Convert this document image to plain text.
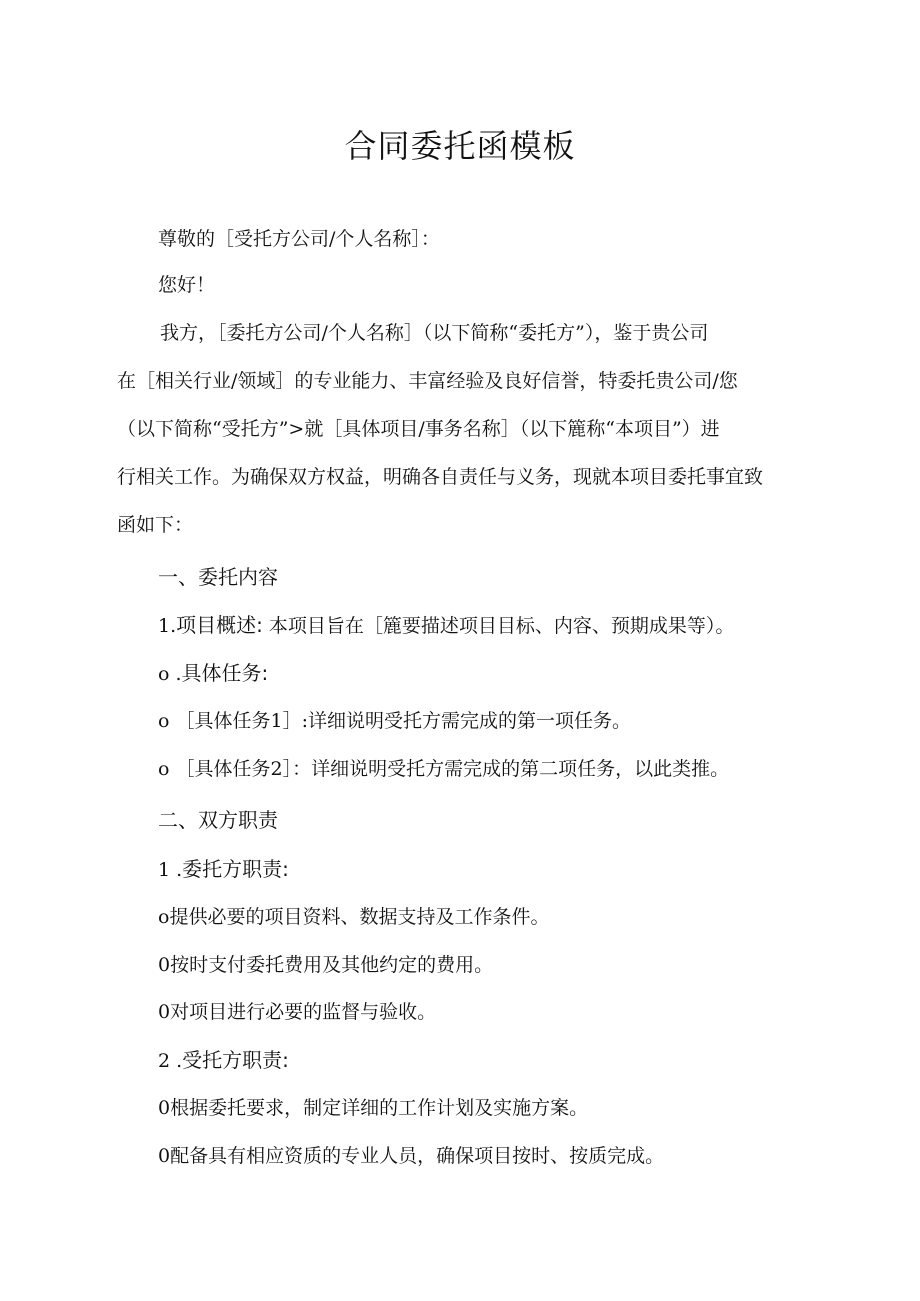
合同委托函模板
尊敬的［受托方公司/个人名称］：
您好！
我方，［委托方公司/个人名称］（以下简称“委托方”），鉴于贵公司
在［相关行业/领域］的专业能力、丰富经验及良好信誉，特委托贵公司/您
（以下简称“受托方”>就［具体项目/事务名称］（以下簏称“本项目”）进
行相关工作。为确保双方权益，明确各自责任与义务，现就本项目委托事宜致
函如下：
一、委托内容
1.项目概述: 本项目旨在［簏要描述项目目标、内容、预期成果等）。
o .具体任务:
o ［具体任务1］:详细说明受托方需完成的第一项任务。
o ［具体任务2］：详细说明受托方需完成的第二项任务，以此类推。
二、双方职责
1 .委托方职责:
o提供必要的项目资料、数据支持及工作条件。
0按时支付委托费用及其他约定的费用。
0对项目进行必要的监督与验收。
2 .受托方职责:
0根据委托要求，制定详细的工作计划及实施方案。
0配备具有相应资质的专业人员，确保项目按时、按质完成。
